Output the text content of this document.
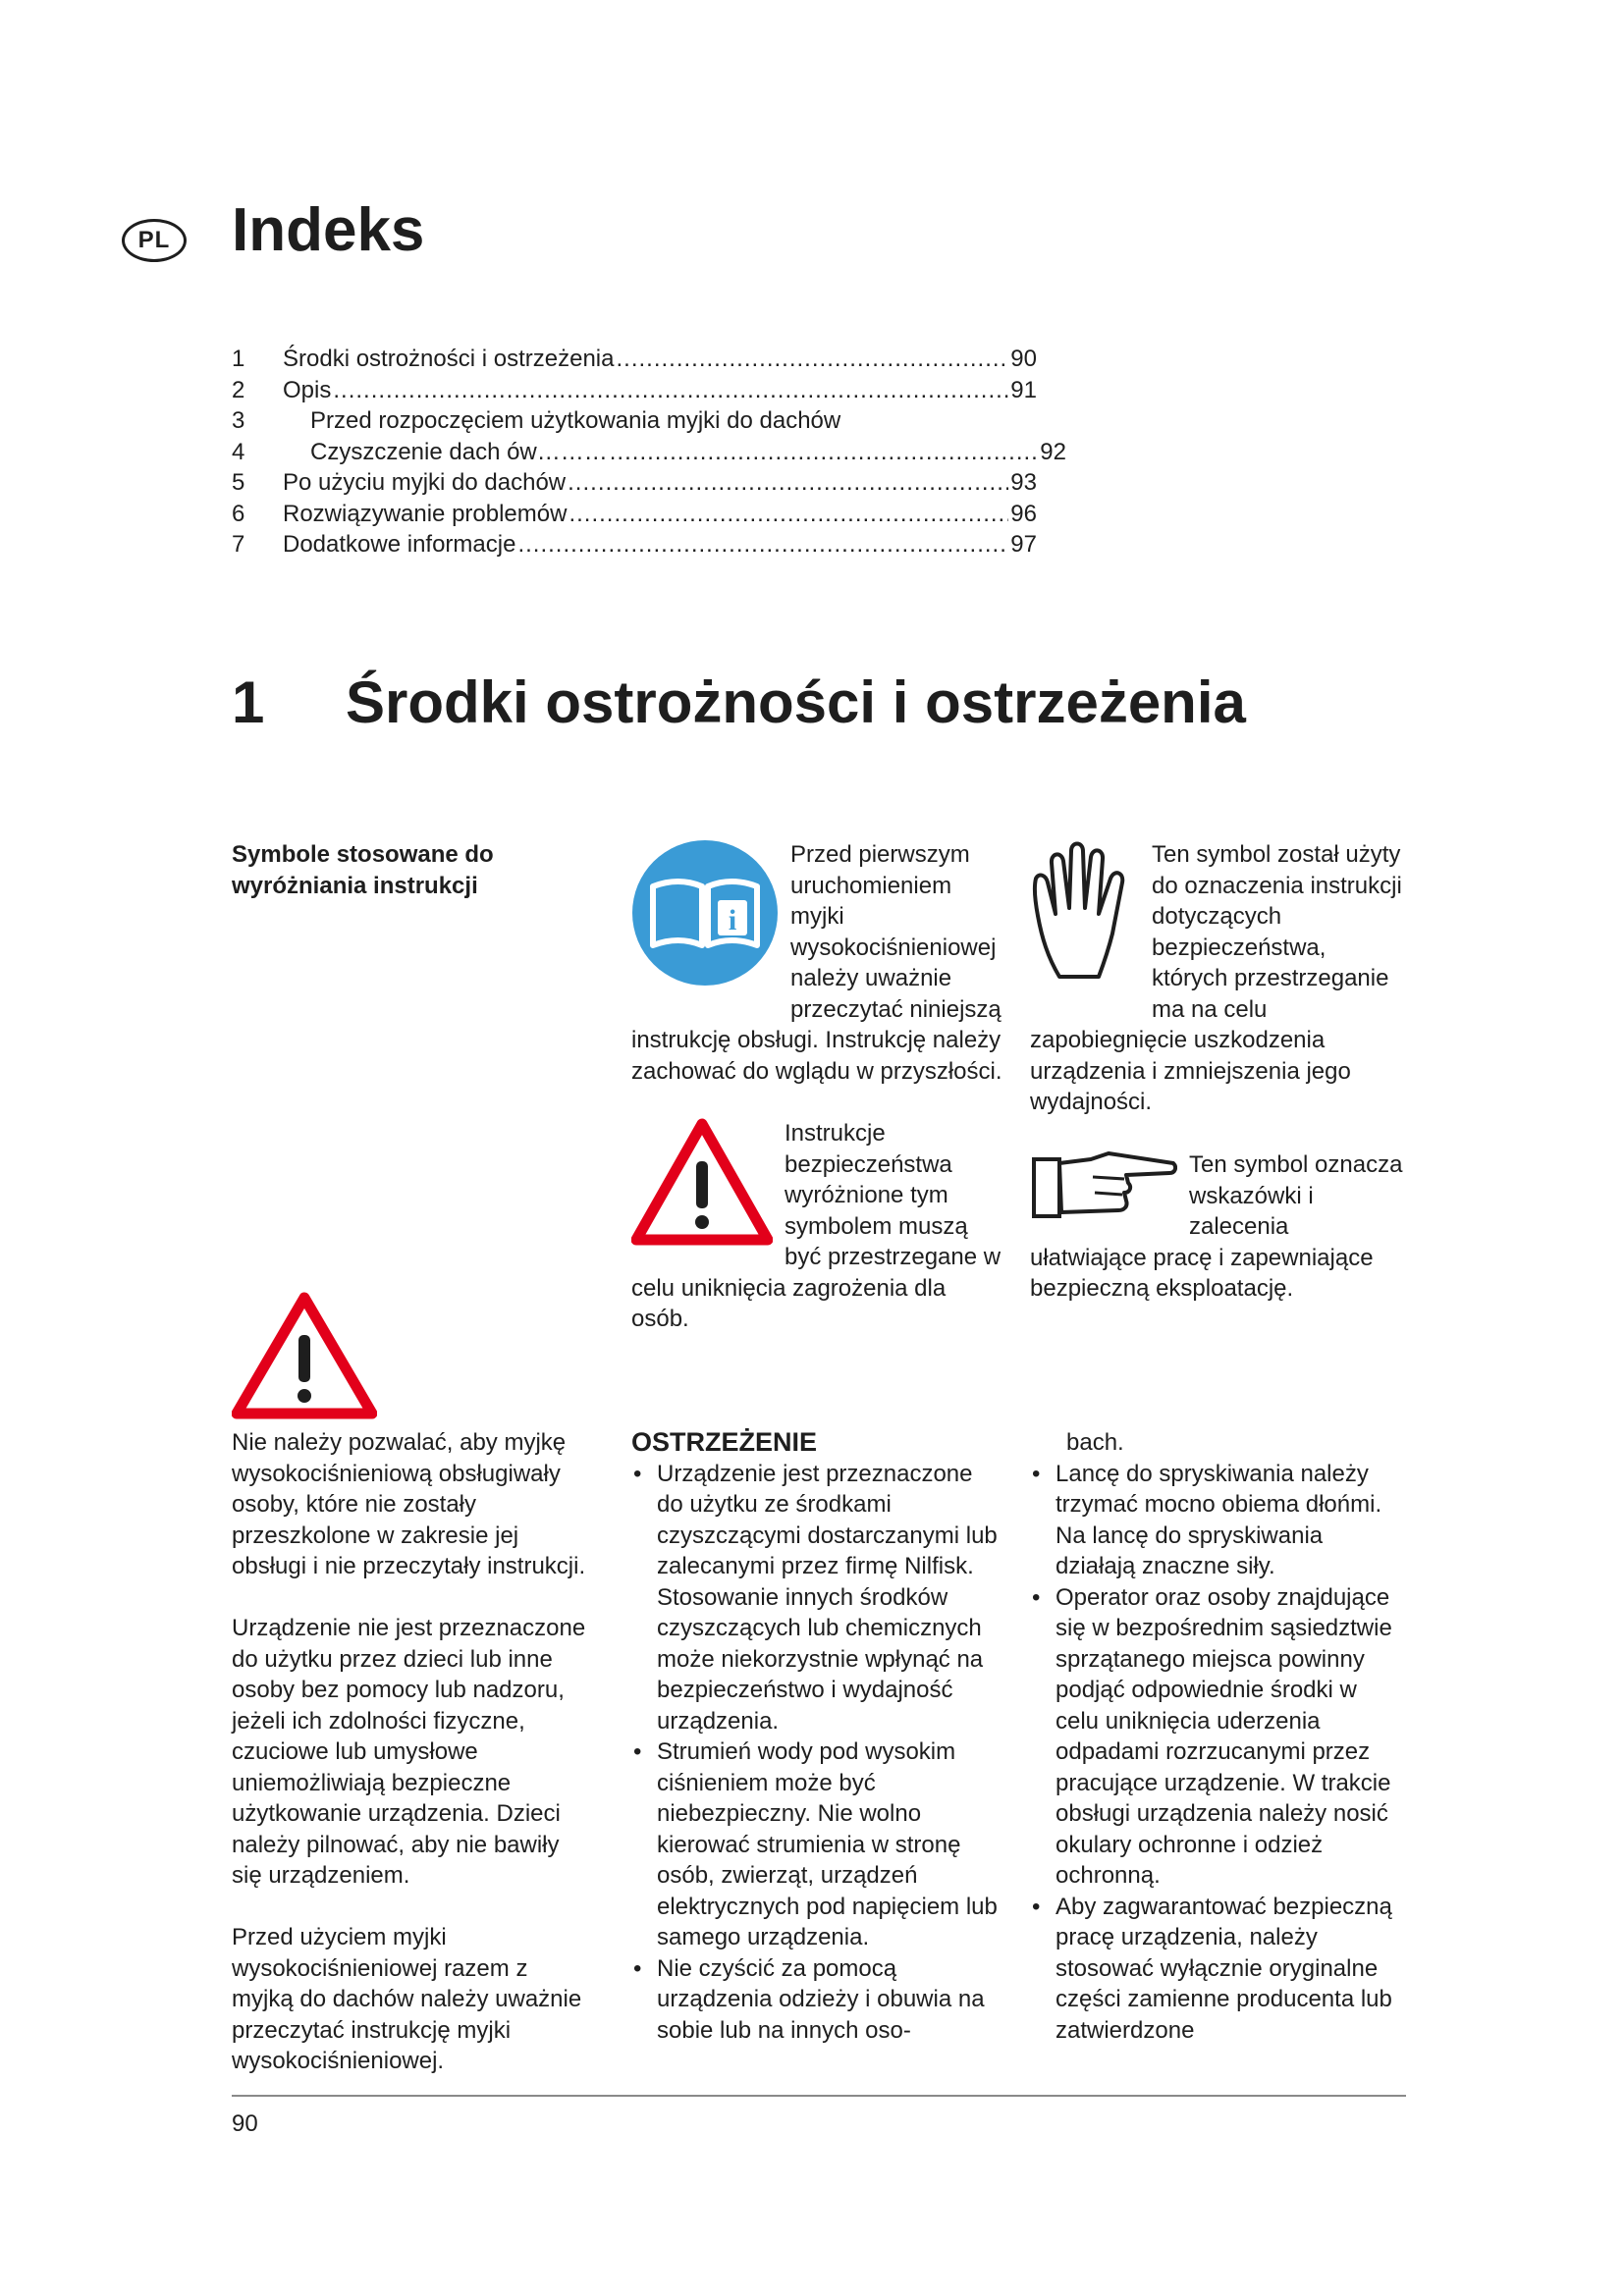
PL Indeks
1	Środki ostrożności i ostrzeżenia .....	90
2	Opis .....	91
3	Przed rozpoczęciem użytkowania myjki do dachów
4	Czyszczenie dach ów……… .....	92
5	Po użyciu myjki do dachów .....	93
6	Rozwiązywanie problemów .....	96
7	Dodatkowe informacje .....	97
1 Środki ostrożności i ostrzeżenia
Symbole stosowane do wyróżniania instrukcji
i

Przed pierwszym uruchomieniem myjki wysokociśnieniowej należy uważnie przeczytać niniejszą instrukcję obsługi. Instrukcję należy zachować do wglądu w przyszłości.

Ten symbol został użyty do oznaczenia instrukcji dotyczących bezpieczeństwa, których przestrzeganie ma na celu zapobiegnięcie uszkodzenia urządzenia i zmniejszenia jego wydajności.

Instrukcje bezpieczeństwa wyróżnione tym symbolem muszą być przestrzegane w celu uniknięcia zagrożenia dla osób.

Ten symbol oznacza wskazówki i zalecenia ułatwiające pracę i zapewniające bezpieczną eksploatację.

Nie należy pozwalać, aby myjkę wysokociśnieniową obsługiwały osoby, które nie zostały przeszkolone w zakresie jej obsługi i nie przeczytały instrukcji.

Urządzenie nie jest przeznaczone do użytku przez dzieci lub inne osoby bez pomocy lub nadzoru, jeżeli ich zdolności fizyczne, czuciowe lub umysłowe uniemożliwiają bezpieczne użytkowanie urządzenia. Dzieci należy pilnować, aby nie bawiły się urządzeniem.

Przed użyciem myjki wysokociśnieniowej razem z myjką do dachów należy uważnie przeczytać instrukcję myjki wysokociśnieniowej.

OSTRZEŻENIE
• Urządzenie jest przeznaczone do użytku ze środkami czyszczącymi dostarczanymi lub zalecanymi przez firmę Nilfisk. Stosowanie innych środków czyszczących lub chemicznych może niekorzystnie wpłynąć na bezpieczeństwo i wydajność urządzenia.
• Strumień wody pod wysokim ciśnieniem może być niebezpieczny. Nie wolno kierować strumienia w stronę osób, zwierząt, urządzeń elektrycznych pod napięciem lub samego urządzenia.
• Nie czyścić za pomocą urządzenia odzieży i obuwia na sobie lub na innych oso-

bach.

• Lancę do spryskiwania należy trzymać mocno obiema dłońmi. Na lancę do spryskiwania działają znaczne siły.
• Operator oraz osoby znajdujące się w bezpośrednim sąsiedztwie sprzątanego miejsca powinny podjąć odpowiednie środki w celu uniknięcia uderzenia odpadami rozrzucanymi przez pracujące urządzenie. W trakcie obsługi urządzenia należy nosić okulary ochronne i odzież ochronną.
• Aby zagwarantować bezpieczną pracę urządzenia, należy stosować wyłącznie oryginalne części zamienne producenta lub zatwierdzone
90
